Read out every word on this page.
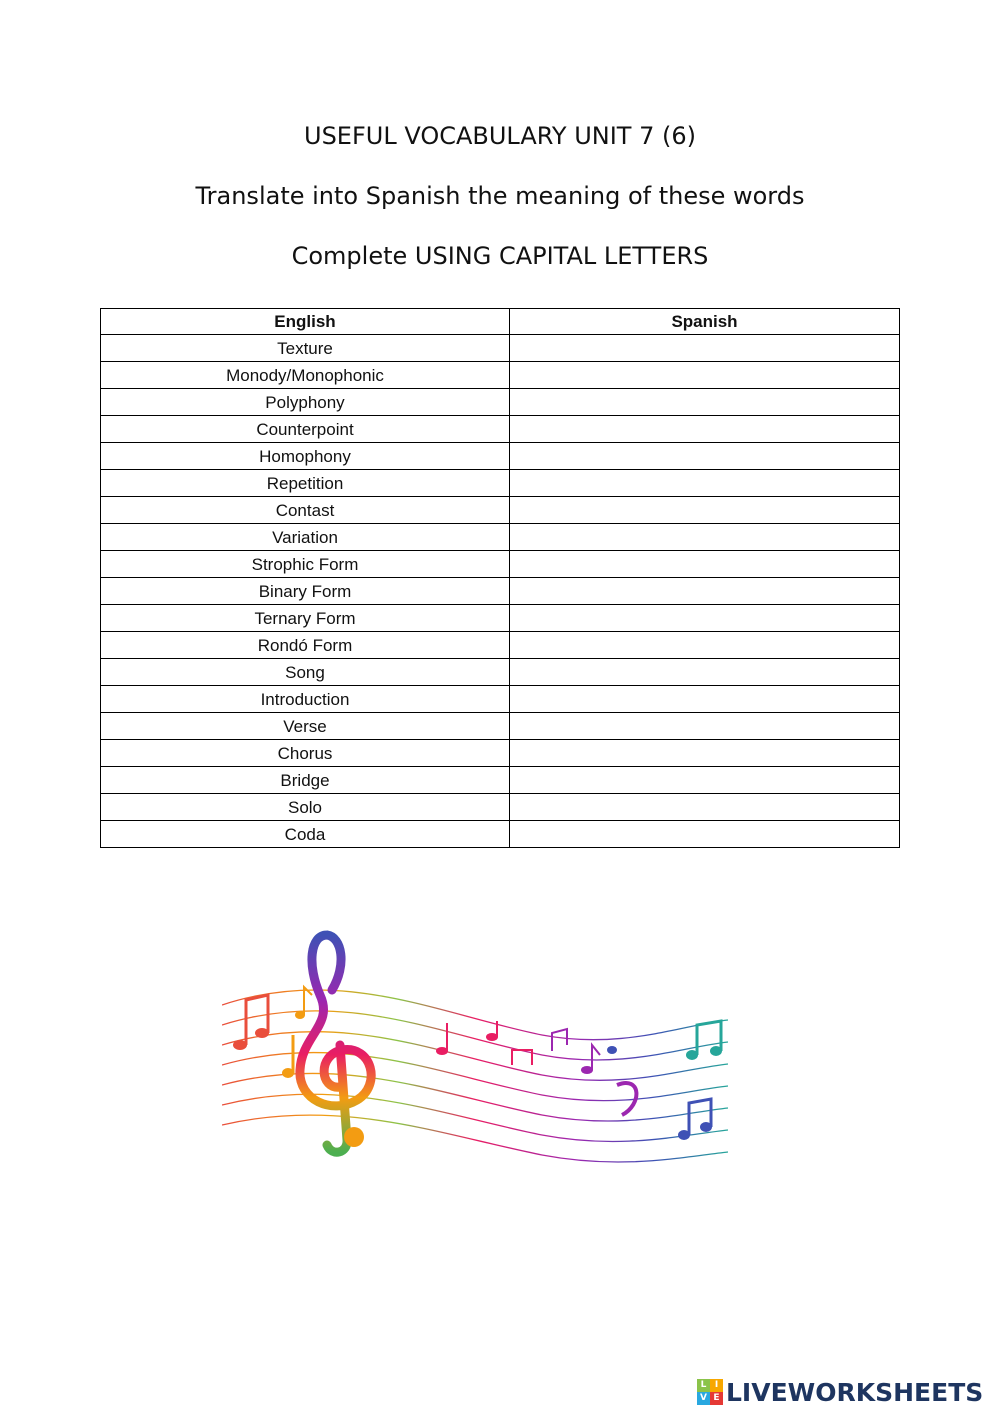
USEFUL VOCABULARY UNIT 7 (6)
Translate into Spanish the meaning of these words
Complete USING CAPITAL LETTERS
English	Spanish
Texture	
Monody/Monophonic	
Polyphony	
Counterpoint	
Homophony	
Repetition	
Contast	
Variation	
Strophic Form	
Binary Form	
Ternary Form	
Rondó Form	
Song	
Introduction	
Verse	
Chorus	
Bridge	
Solo	
Coda	
L I
V E LIVEWORKSHEETS
